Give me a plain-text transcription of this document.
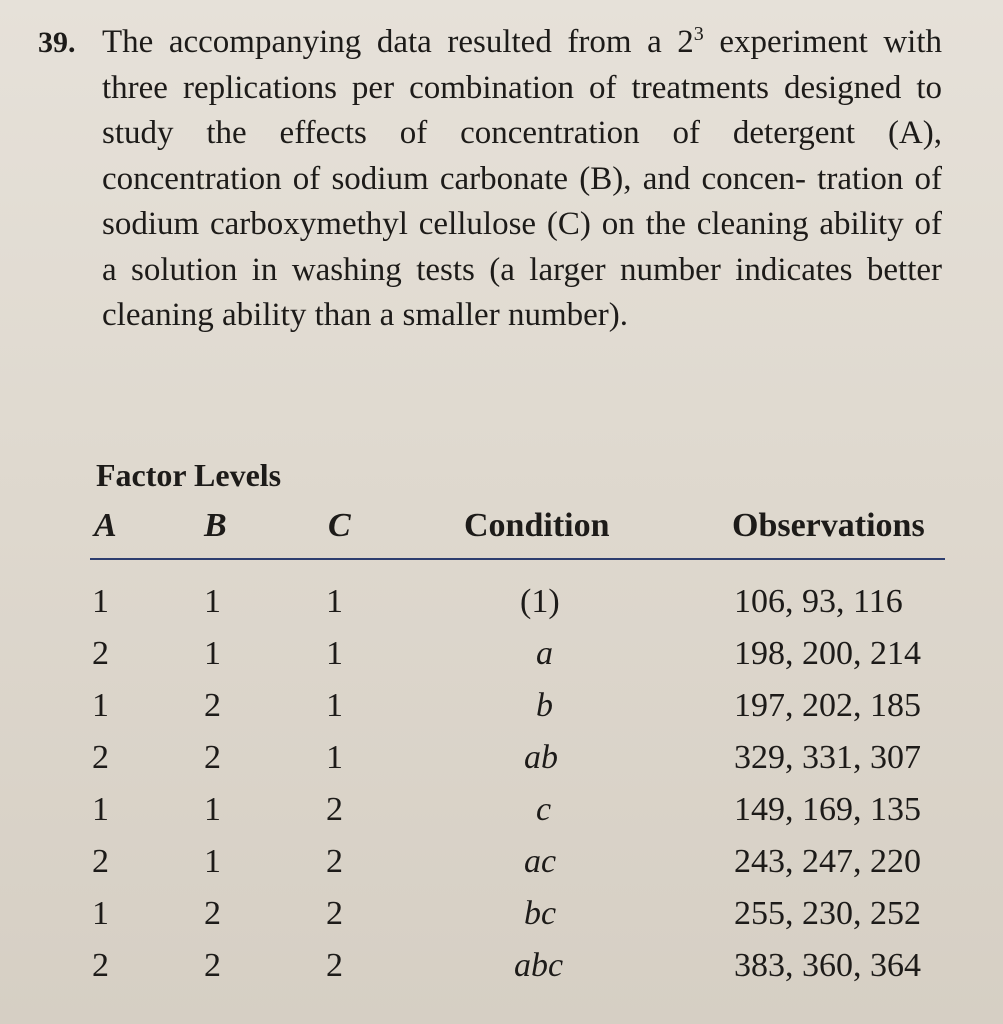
39. The accompanying data resulted from a $2^3$ experiment with three replications per combination of treatments designed to study the effects of concentration of detergent (A), concentration of sodium carbonate (B), and concen- tration of sodium carboxymethyl cellulose (C) on the cleaning ability of a solution in washing tests (a larger number indicates better cleaning ability than a smaller number).
Factor Levels
A	B	C	Condition	Observations
1	1	1	(1)	106, 93, 116
2	1	1	a	198, 200, 214
1	2	1	b	197, 202, 185
2	2	1	ab	329, 331, 307
1	1	2	c	149, 169, 135
2	1	2	ac	243, 247, 220
1	2	2	bc	255, 230, 252
2	2	2	abc	383, 360, 364
